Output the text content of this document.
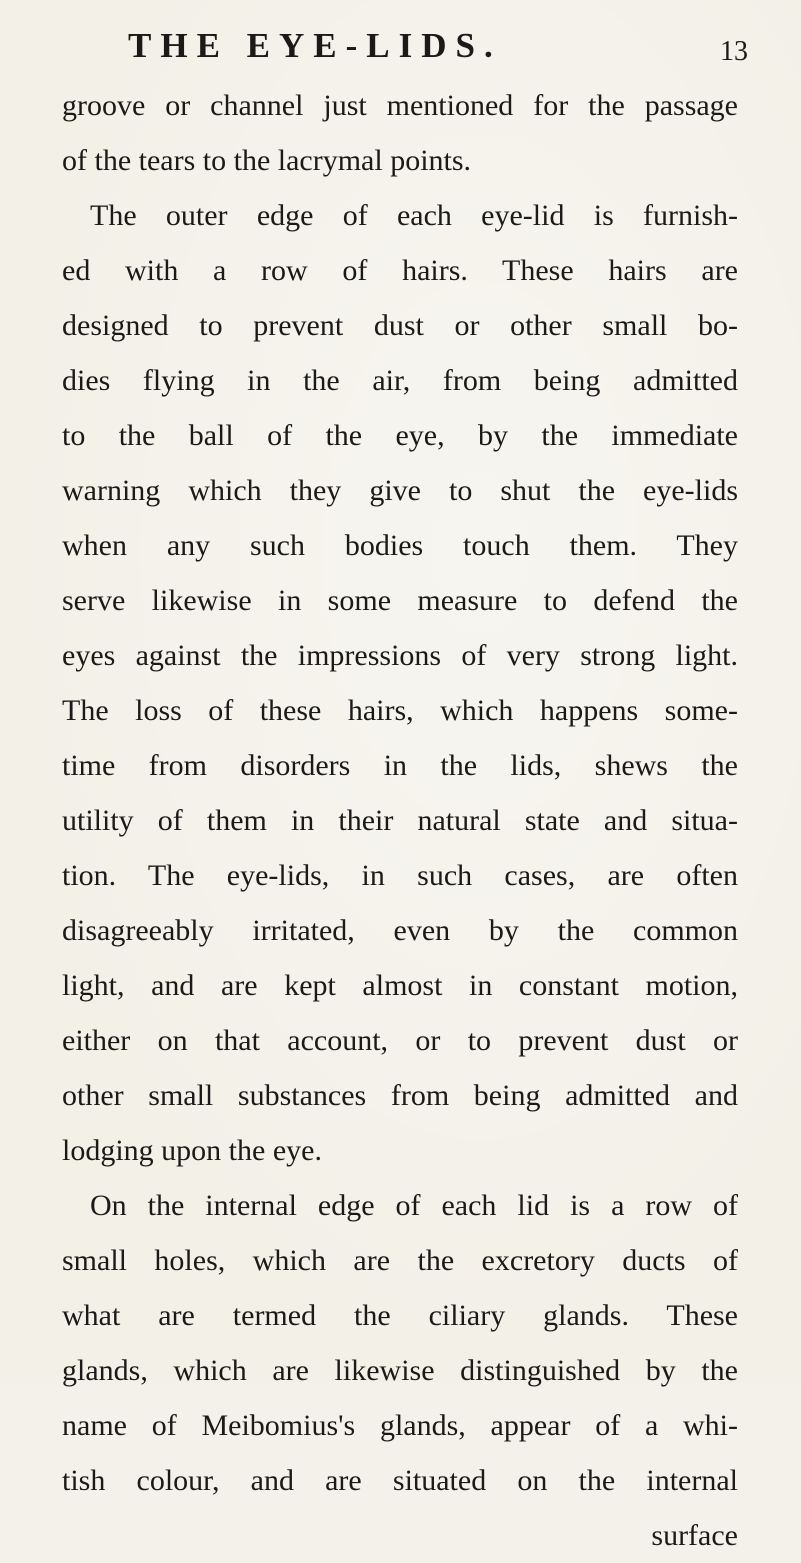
THE EYE-LIDS.	13
groove or channel just mentioned for the passage
of the tears to the lacrymal points.
The outer edge of each eye-lid is furnish-
ed with a row of hairs. These hairs are
designed to prevent dust or other small bo-
dies flying in the air, from being admitted
to the ball of the eye, by the immediate
warning which they give to shut the eye-lids
when any such bodies touch them. They
serve likewise in some measure to defend the
eyes against the impressions of very strong light.
The loss of these hairs, which happens some-
time from disorders in the lids, shews the
utility of them in their natural state and situa-
tion. The eye-lids, in such cases, are often
disagreeably irritated, even by the common
light, and are kept almost in constant motion,
either on that account, or to prevent dust or
other small substances from being admitted and
lodging upon the eye.
On the internal edge of each lid is a row of
small holes, which are the excretory ducts of
what are termed the ciliary glands. These
glands, which are likewise distinguished by the
name of Meibomius's glands, appear of a whi-
tish colour, and are situated on the internal
surface
